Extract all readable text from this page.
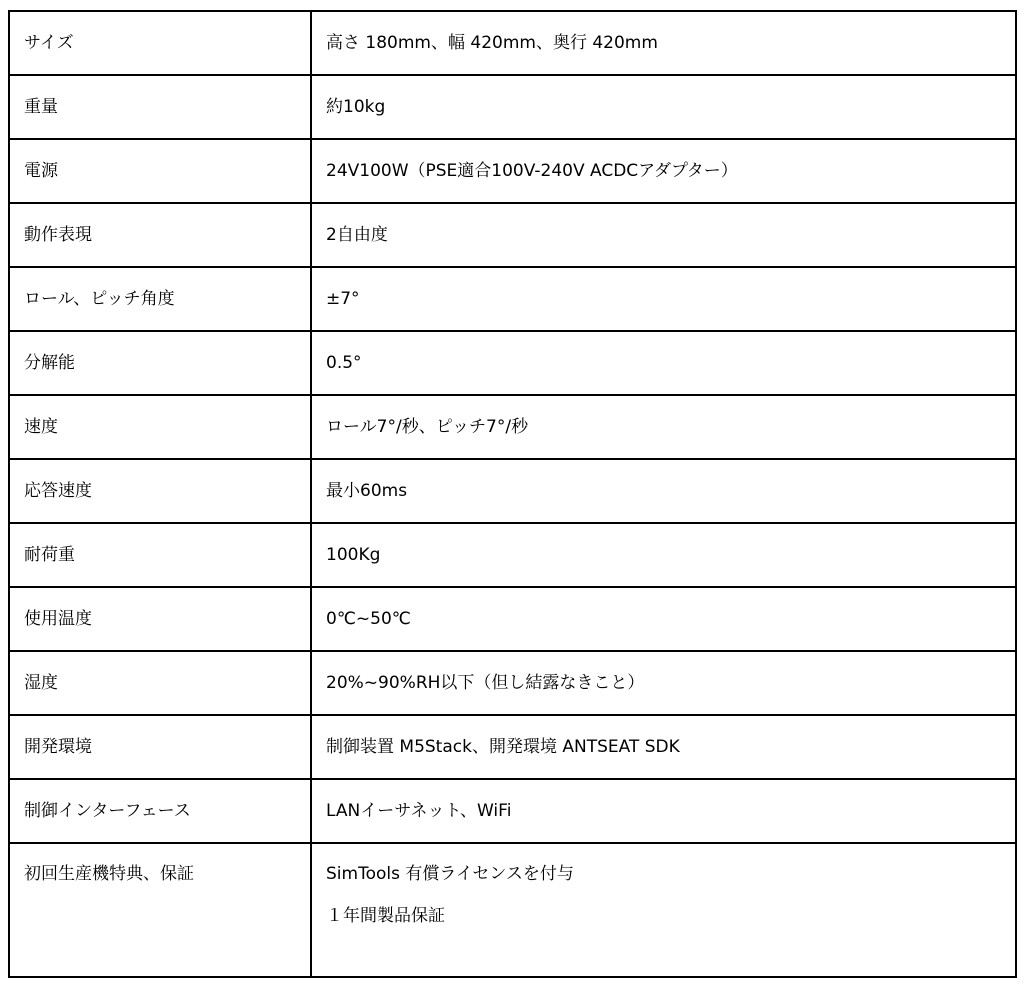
サイズ	高さ 180mm、幅 420mm、奥行 420mm
重量	約10kg
電源	24V100W（PSE適合100V-240V ACDCアダプター）
動作表現	2自由度
ロール、ピッチ角度	±7°
分解能	0.5°
速度	ロール7°/秒、ピッチ7°/秒
応答速度	最小60ms
耐荷重	100Kg
使用温度	0℃~50℃
湿度	20%~90%RH以下（但し結露なきこと）
開発環境	制御装置 M5Stack、開発環境 ANTSEAT SDK
制御インターフェース	LANイーサネット、WiFi
初回生産機特典、保証	SimTools 有償ライセンスを付与
１年間製品保証
